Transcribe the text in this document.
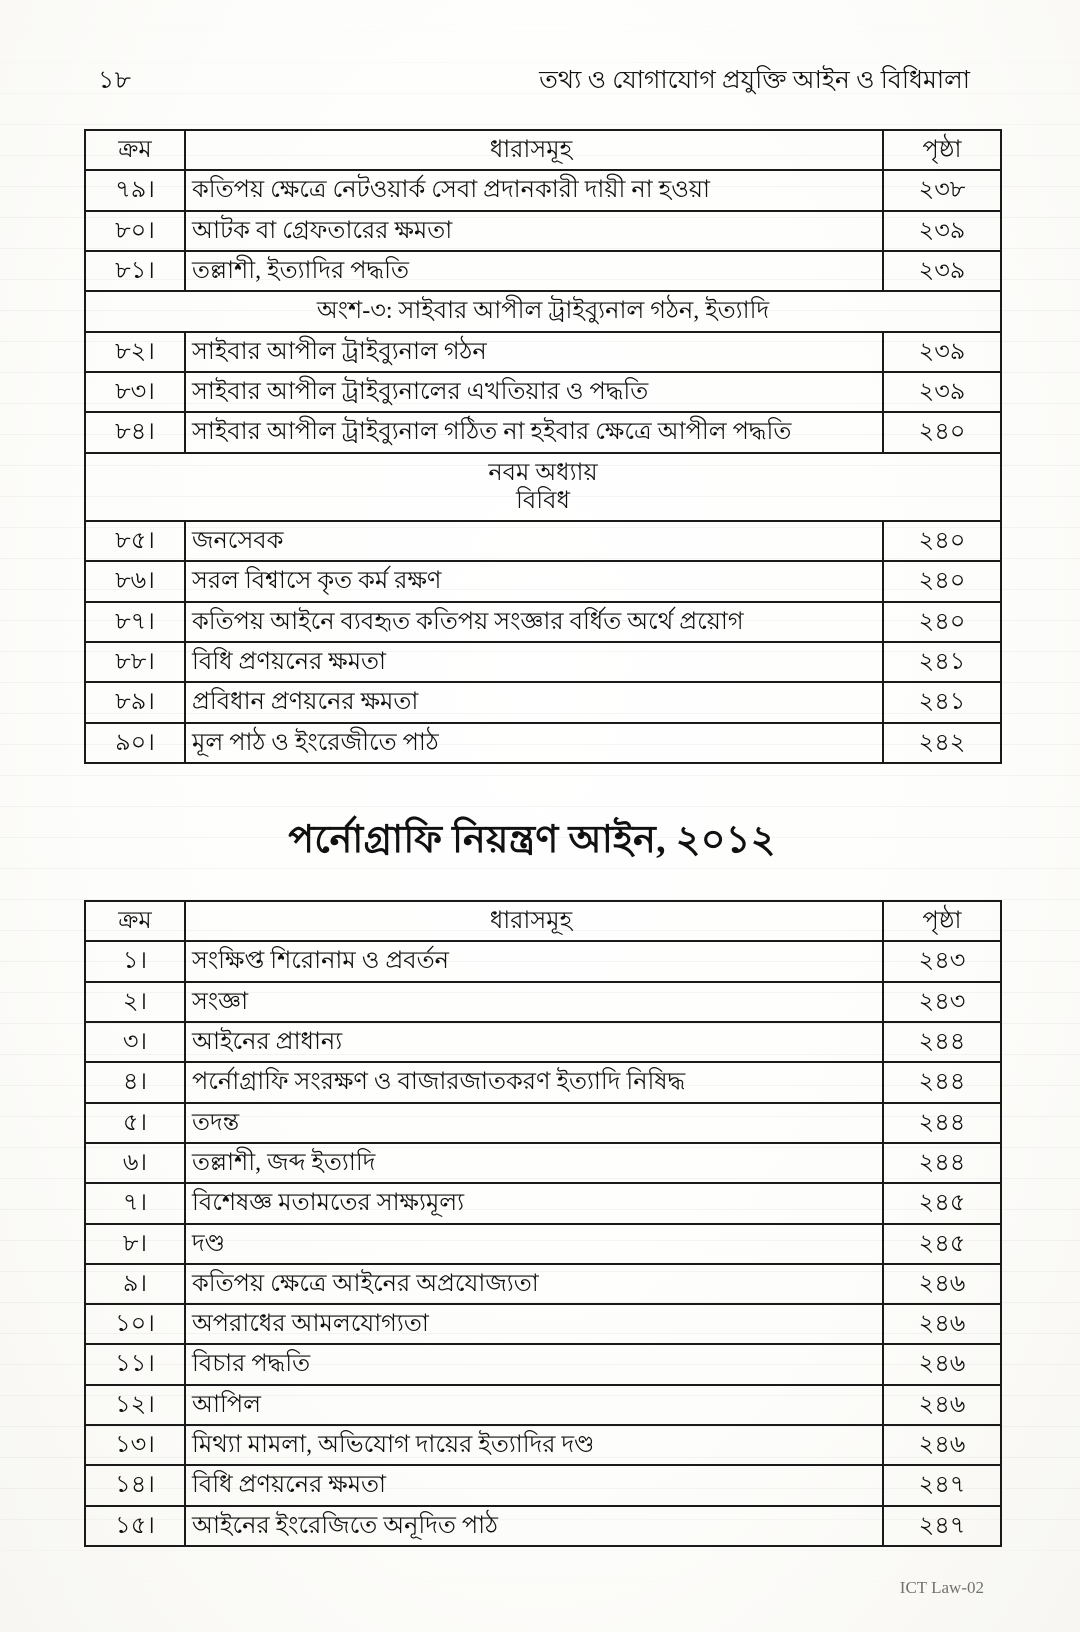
১৮	তথ্য ও যোগাযোগ প্রযুক্তি আইন ও বিধিমালা
ক্রম	ধারাসমূহ	পৃষ্ঠা
৭৯।	কতিপয় ক্ষেত্রে নেটওয়ার্ক সেবা প্রদানকারী দায়ী না হওয়া	২৩৮
৮০।	আটক বা গ্রেফতারের ক্ষমতা	২৩৯
৮১।	তল্লাশী, ইত্যাদির পদ্ধতি	২৩৯
অংশ-৩: সাইবার আপীল ট্রাইব্যুনাল গঠন, ইত্যাদি		
৮২।	সাইবার আপীল ট্রাইব্যুনাল গঠন	২৩৯
৮৩।	সাইবার আপীল ট্রাইব্যুনালের এখতিয়ার ও পদ্ধতি	২৩৯
৮৪।	সাইবার আপীল ট্রাইব্যুনাল গঠিত না হইবার ক্ষেত্রে আপীল পদ্ধতি	২৪০
নবম অধ্যায়
বিবিধ		

৮৫।	জনসেবক	২৪০
৮৬।	সরল বিশ্বাসে কৃত কর্ম রক্ষণ	২৪০
৮৭।	কতিপয় আইনে ব্যবহৃত কতিপয় সংজ্ঞার বর্ধিত অর্থে প্রয়োগ	২৪০
৮৮।	বিধি প্রণয়নের ক্ষমতা	২৪১
৮৯।	প্রবিধান প্রণয়নের ক্ষমতা	২৪১
৯০।	মূল পাঠ ও ইংরেজীতে পাঠ	২৪২
পর্নোগ্রাফি নিয়ন্ত্রণ আইন, ২০১২
ক্রম	ধারাসমূহ	পৃষ্ঠা
১।	সংক্ষিপ্ত শিরোনাম ও প্রবর্তন	২৪৩
২।	সংজ্ঞা	২৪৩
৩।	আইনের প্রাধান্য	২৪৪
৪।	পর্নোগ্রাফি সংরক্ষণ ও বাজারজাতকরণ ইত্যাদি নিষিদ্ধ	২৪৪
৫।	তদন্ত	২৪৪
৬।	তল্লাশী, জব্দ ইত্যাদি	২৪৪
৭।	বিশেষজ্ঞ মতামতের সাক্ষ্যমূল্য	২৪৫
৮।	দণ্ড	২৪৫
৯।	কতিপয় ক্ষেত্রে আইনের অপ্রযোজ্যতা	২৪৬
১০।	অপরাধের আমলযোগ্যতা	২৪৬
১১।	বিচার পদ্ধতি	২৪৬
১২।	আপিল	২৪৬
১৩।	মিথ্যা মামলা, অভিযোগ দায়ের ইত্যাদির দণ্ড	২৪৬
১৪।	বিধি প্রণয়নের ক্ষমতা	২৪৭
১৫।	আইনের ইংরেজিতে অনূদিত পাঠ	২৪৭
ICT Law-02
